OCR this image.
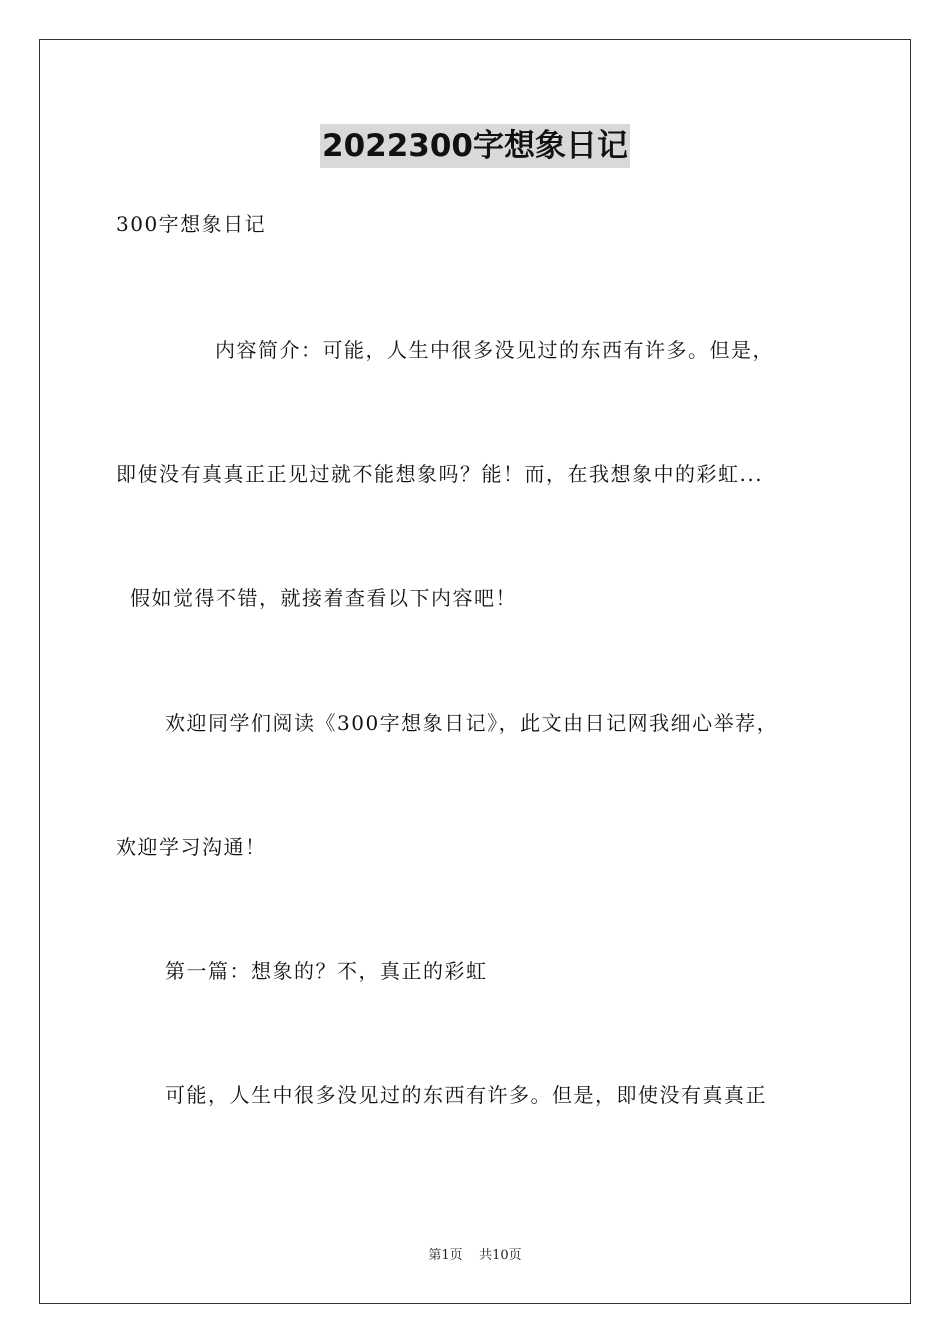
2022300字想象日记
300字想象日记
内容简介：可能，人生中很多没见过的东西有许多。但是，
即使没有真真正正见过就不能想象吗？能！而，在我想象中的彩虹...
假如觉得不错，就接着查看以下内容吧！
欢迎同学们阅读《300字想象日记》，此文由日记网我细心举荐，
欢迎学习沟通！
第一篇：想象的？不，真正的彩虹
可能，人生中很多没见过的东西有许多。但是，即使没有真真正
第1页 共10页
